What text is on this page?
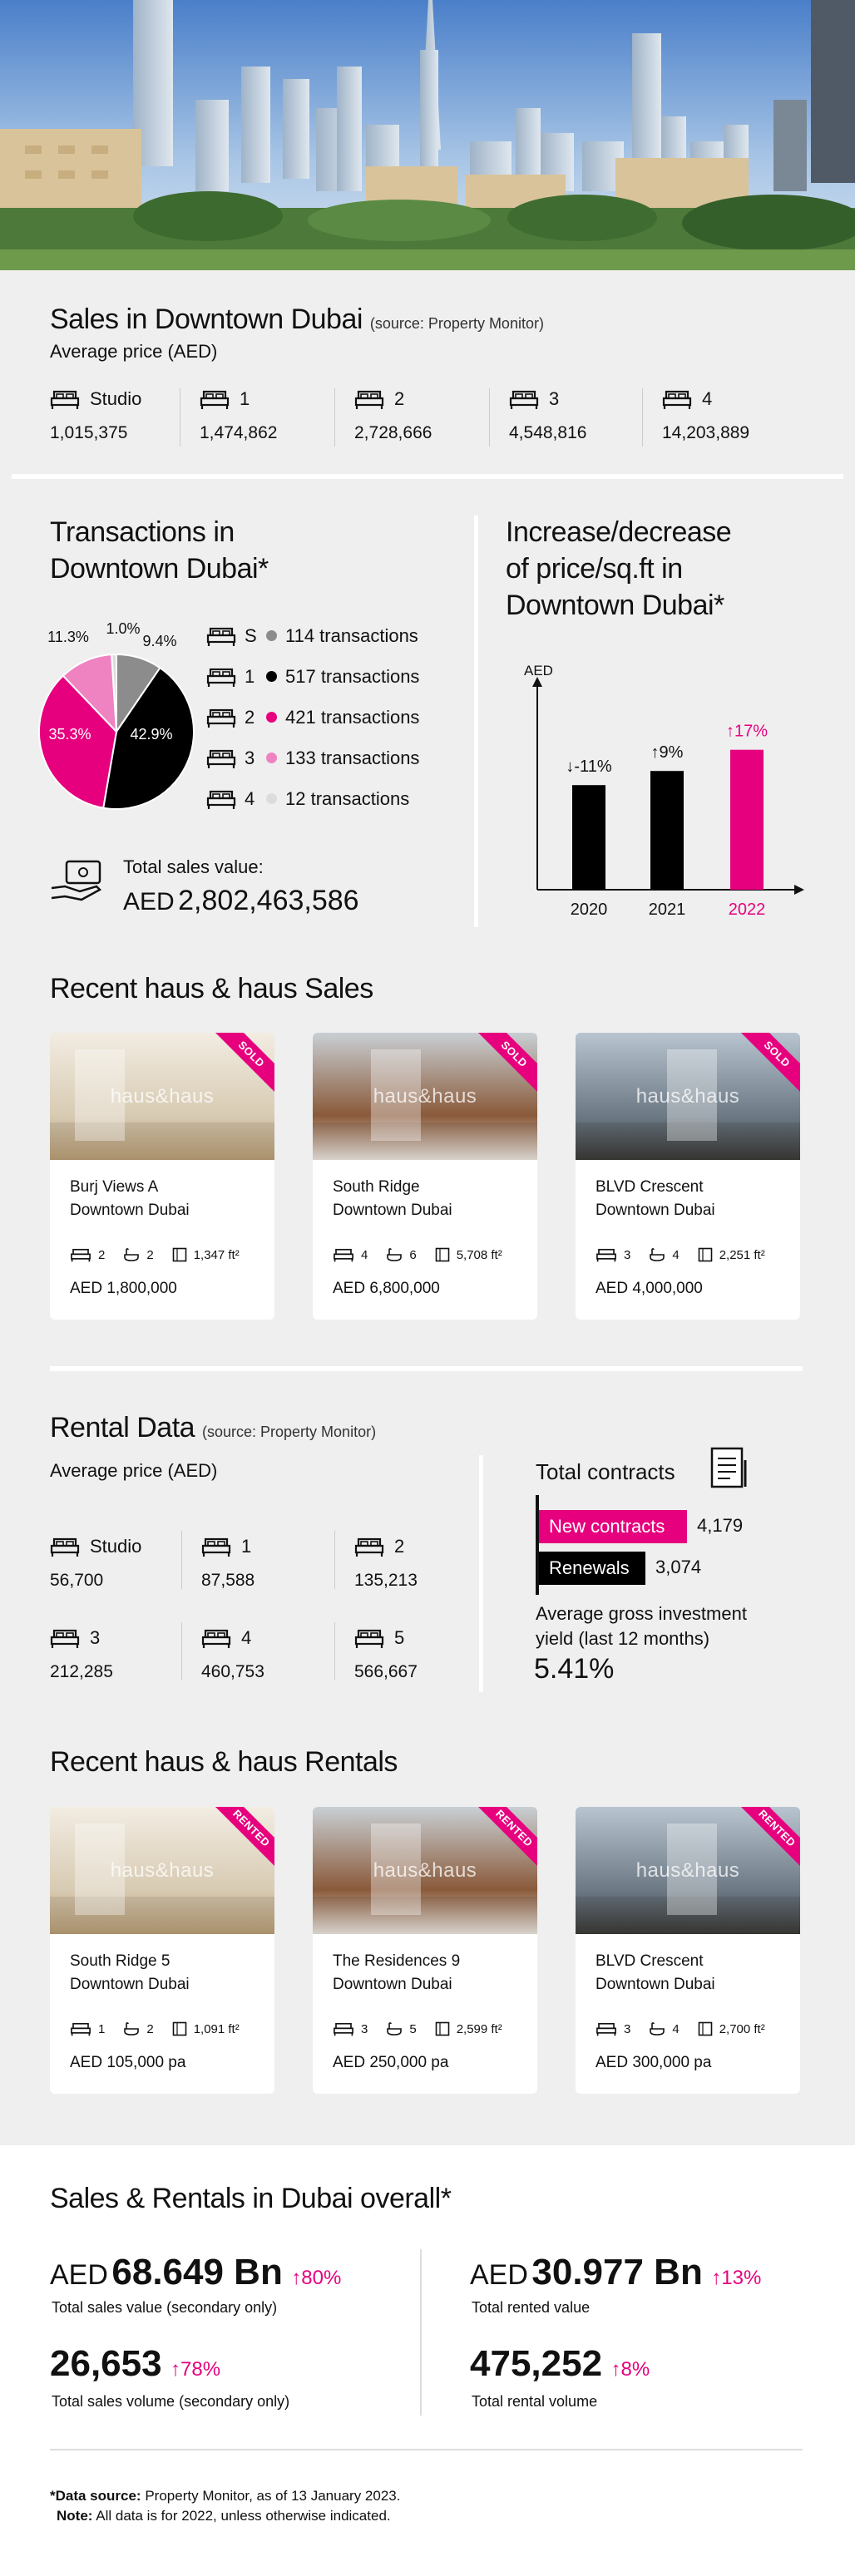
Sales in Downtown Dubai (source: Property Monitor)
Average price (AED)
Studio
1,015,375
1
1,474,862
2
2,728,666
3
4,548,816
4
14,203,889
Transactions in
Downtown Dubai*
1.0%
9.4%
42.9%
35.3%
11.3%	S	114 transactions
1	517 transactions
2	421 transactions
3	133 transactions
4	12 transactions
Total sales value:
AED 2,802,463,586
Increase/decrease
of price/sq.ft in
Downtown Dubai*
AED
↓-11%
2020
↑9%
2021
↑17%
2022
Recent haus & haus Sales
haus&haus
SOLD
Burj Views A
Downtown Dubai
2	2	1,347 ft²
AED 1,800,000
haus&haus
SOLD
South Ridge
Downtown Dubai
4	6	5,708 ft²
AED 6,800,000
haus&haus
SOLD
BLVD Crescent
Downtown Dubai
3	4	2,251 ft²
AED 4,000,000
Rental Data (source: Property Monitor)
Average price (AED)
Studio
56,700
1
87,588
2
135,213
3
212,285
4
460,753
5
566,667
Total contracts
New contracts	4,179
Renewals	3,074
Average gross investment
yield (last 12 months)
5.41%
Recent haus & haus Rentals
haus&haus
RENTED
South Ridge 5
Downtown Dubai
1	2	1,091 ft²
AED 105,000 pa
haus&haus
RENTED
The Residences 9
Downtown Dubai
3	5	2,599 ft²
AED 250,000 pa
haus&haus
RENTED
BLVD Crescent
Downtown Dubai
3	4	2,700 ft²
AED 300,000 pa
Sales & Rentals in Dubai overall*
AED 68.649 Bn ↑80%
Total sales value (secondary only)
26,653 ↑78%
Total sales volume (secondary only)
AED 30.977 Bn ↑13%
Total rented value
475,252 ↑8%
Total rental volume
*Data source: Property Monitor, as of 13 January 2023.
Note: All data is for 2022, unless otherwise indicated.
